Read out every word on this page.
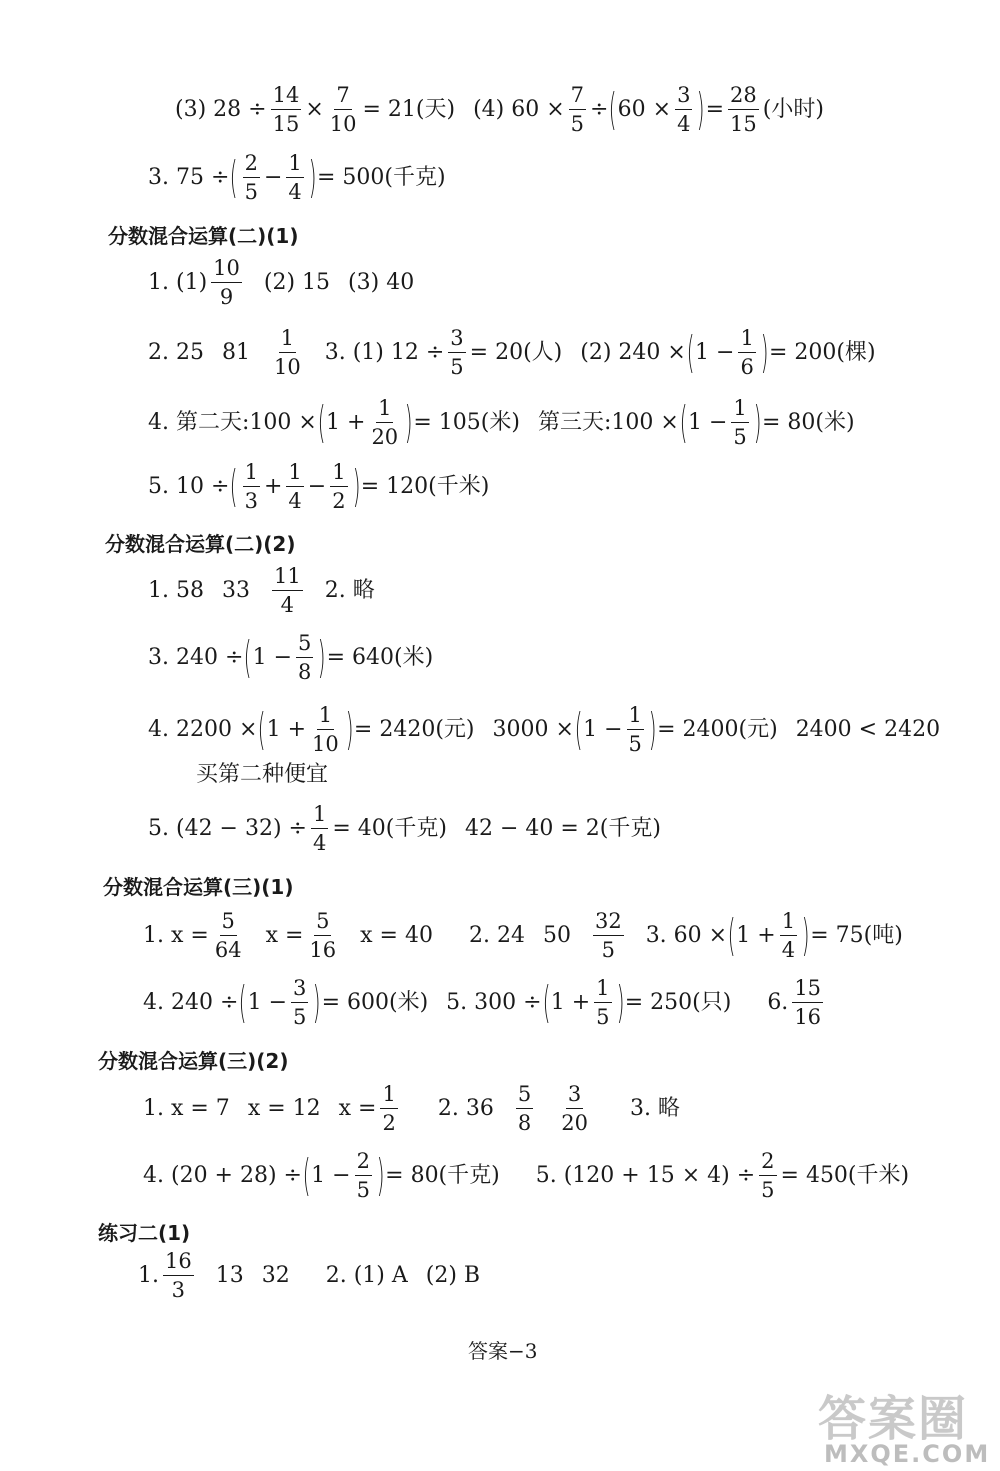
(3) $28 \div \frac{14}{15} \times \frac{7}{10} = 21$(天) (4) $60 \times \frac{7}{5}$ ÷ ( $60 \times \frac{3}{4}$ ) = $\frac{28}{15}$ (小时)
3. 75 ÷ ( 2
5
− $\frac{1}{4}$ ) = 500(千克)
分数混合运算(二)(1)
1. (1)
10
9
(2) 15 (3) 40
2. 25 81
1
10
3. (1) $12 \div \frac{3}{5} = 20$(人) (2) 240 × ( $1 - \frac{1}{6}$ ) = 200(棵)
4. 第二天:100 × ( $1 + \frac{1}{20}$ ) = 105(米) 第三天:100 × ( $1 - \frac{1}{5}$ ) = 80(米)
5. 10 ÷ ( 1
3
+ $\frac{1}{4} - \frac{1}{2}$ ) = 120(千米)
分数混合运算(二)(2)
1. 58 33
11
4
2. 略
3. 240 ÷ ( $1 - \frac{5}{8}$ ) = 640(米)
4. 2200 × ( $1 + \frac{1}{10}$ ) = 2420(元) 3000 × ( $1 - \frac{1}{5}$ ) = 2400(元) 2400 < 2420
买第二种便宜
5. $(42 - 32) \div \frac{1}{4} = 40$(千克) 42 − 40 = 2(千克)
分数混合运算(三)(1)
1. $x = \frac{5}{64}$ $x = \frac{5}{16}$ x = 40 2. 24 50
32
5
3. 60 × ( $1 + \frac{1}{4}$ ) = 75(吨)
4. 240 ÷ ( $1 - \frac{3}{5}$ ) = 600(米) 5. 300 ÷ ( $1 + \frac{1}{5}$ ) = 250(只) 6.
15
16
分数混合运算(三)(2)
1. x = 7 x = 12 $x = \frac{1}{2} 2$. 36
5
8
3
20
3. 略
4. (20 + 28) ÷ ( $1 - \frac{2}{5}$ ) = 80(千克) 5. $(120 + 15 \times 4) \div \frac{2}{5} = 450$(千米)
练习二(1)
1.
16
3
13 32 2. (1) A (2) B
答案−3
答案圈
MXQE.COM
